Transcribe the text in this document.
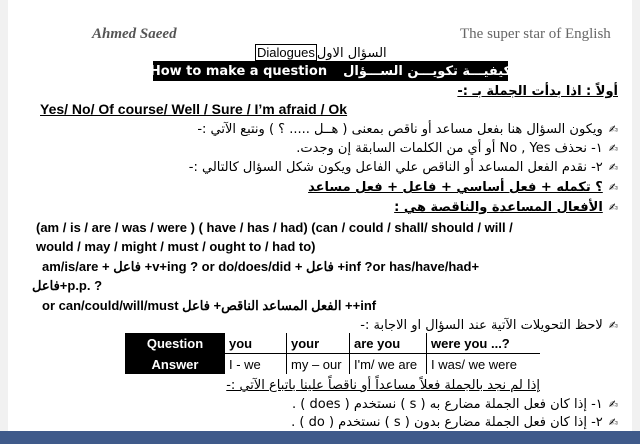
Ahmed Saeed	The super star of English
Dialogues السؤال الاول
How to make a question كيفيـــة تكويـــن الســـؤال
أولاً : اذا بدأت الجملة بـ :-
Yes/ No/ Of course/ Well / Sure / I’m afraid / Ok
✍ويكون السؤال هنا بفعل مساعد أو ناقص بمعنى ( هــل ..... ؟ ) ونتبع الآتي :-
✍١- نحذف No , Yes أو أي من الكلمات السابقة إن وجدت.
✍٢- نقدم الفعل المساعد أو الناقص علي الفاعل ويكون شكل السؤال كالتالي :-
✍؟ تكمله + فعل أساسي + فاعل + فعل مساعد
✍الأفعال المساعدة والناقصة هي :
(am / is / are / was / were ) ( have / has / had) (can / could / shall/ should / will /
would / may / might / must / ought to / had to)
am/is/are + فاعل +v+ing ? or do/does/did + فاعل +inf ?or has/have/had+
فاعل+p.p. ?
or can/could/will/must الفعل المساعد الناقص+ فاعل ++inf
✍لاحظ التحويلات الآتية عند السؤال او الاجابة :-
Question	you	your	are you	were you ...?
Answer	I - we	my – our	I'm/ we are	I was/ we were
إذا لم نجد بالجملة فعلاً مساعداً أو ناقصاً علينا باتباع الآتي :-
✍١- إذا كان فعل الجملة مضارع به ( s ) نستخدم ( does ) .
✍٢- إذا كان فعل الجملة مضارع بدون ( s ) نستخدم ( do ) .
